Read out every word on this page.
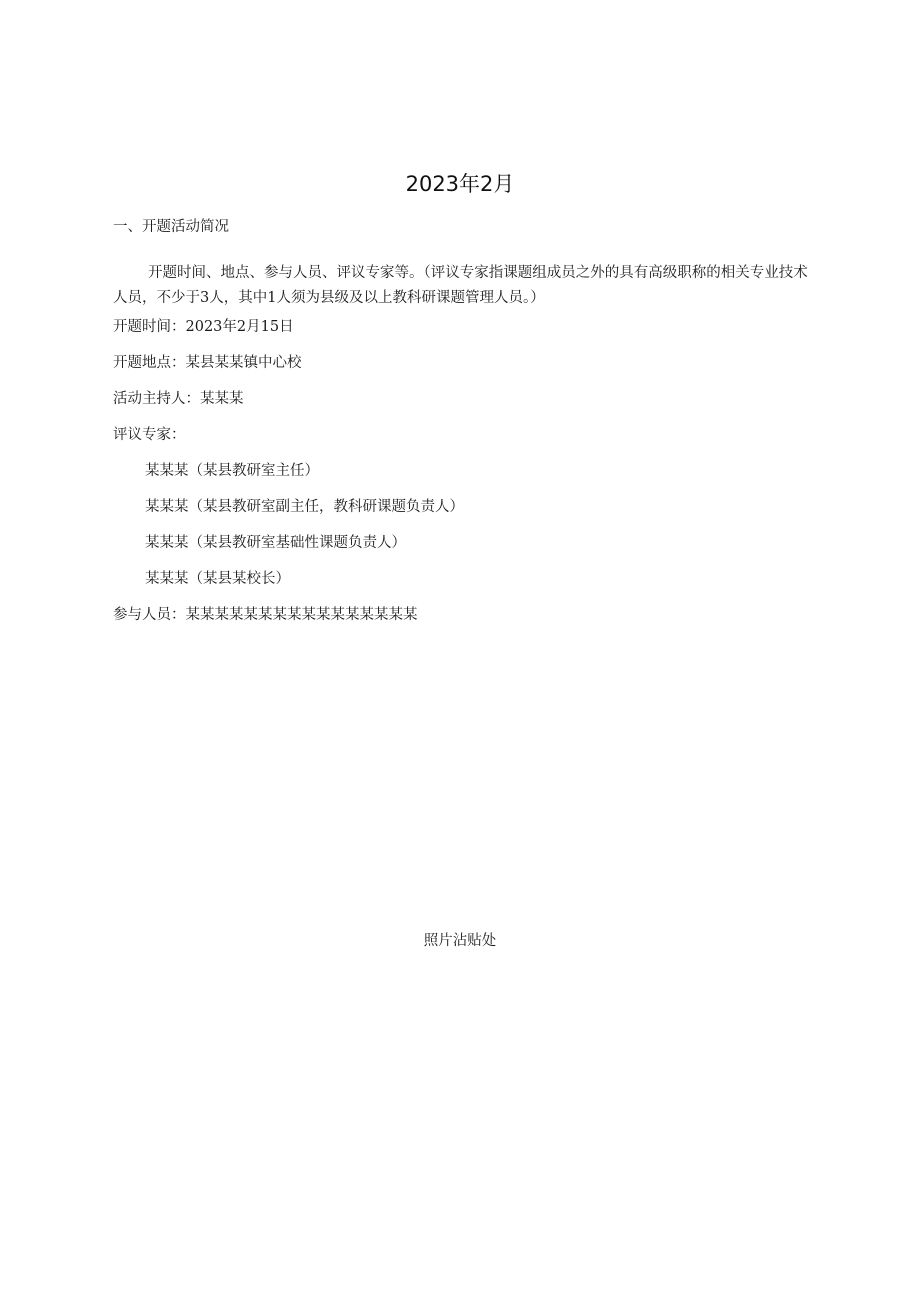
2023年2月
一、开题活动简况
开题时间、地点、参与人员、评议专家等。（评议专家指课题组成员之外的具有高级职称的相关专业技术人员，不少于3人，其中1人须为县级及以上教科研课题管理人员。）
开题时间：2023年2月15日
开题地点：某县某某镇中心校
活动主持人：某某某
评议专家：
某某某（某县教研室主任）
某某某（某县教研室副主任，教科研课题负责人）
某某某（某县教研室基础性课题负责人）
某某某（某县某校长）
参与人员：某某某某某某某某某某某某某某某某
照片沾贴处
